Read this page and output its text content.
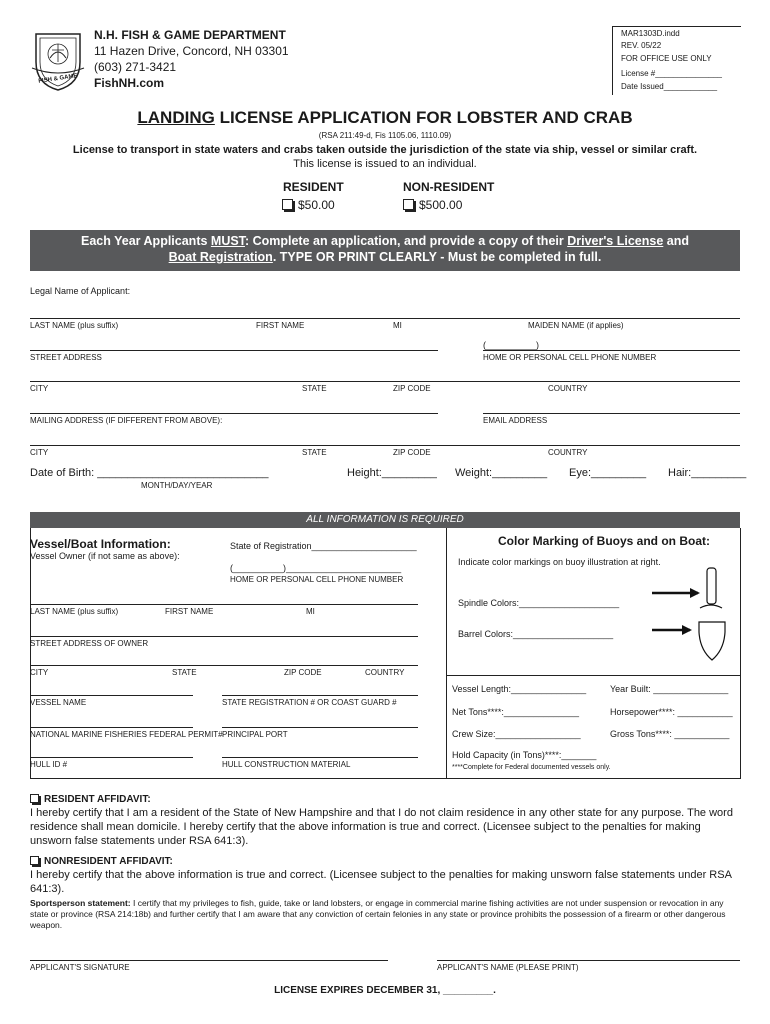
FISH & GAME
N.H. FISH & GAME DEPARTMENT
11 Hazen Drive, Concord, NH 03301
(603) 271-3421
FishNH.com
MAR1303D.indd
REV. 05/22
FOR OFFICE USE ONLY
License #_______________
Date Issued____________
LANDING LICENSE APPLICATION FOR LOBSTER AND CRAB
(RSA 211:49-d, Fis 1105.06, 1110.09)
License to transport in state waters and crabs taken outside the jurisdiction of the state via ship, vessel or similar craft.
This license is issued to an individual.
RESIDENT
$50.00
NON-RESIDENT
$500.00
Each Year Applicants MUST: Complete an application, and provide a copy of their Driver's License and
Boat Registration. TYPE OR PRINT CLEARLY - Must be completed in full.
Legal Name of Applicant:
LAST NAME (plus suffix)	FIRST NAME	MI	MAIDEN NAME (if applies)
(__________)
STREET ADDRESS	HOME OR PERSONAL CELL PHONE NUMBER
CITY	STATE	ZIP CODE	COUNTRY
MAILING ADDRESS (IF DIFFERENT FROM ABOVE):	EMAIL ADDRESS
CITY	STATE	ZIP CODE	COUNTRY
Date of Birth: ____________________________
MONTH/DAY/YEAR
Height:_________ Weight:_________ Eye:_________ Hair:_________
ALL INFORMATION IS REQUIRED
Vessel/Boat Information:
Vessel Owner (if not same as above):
State of Registration_____________________
(__________)_______________________
HOME OR PERSONAL CELL PHONE NUMBER
LAST NAME (plus suffix)	FIRST NAME	MI
STREET ADDRESS OF OWNER
CITY	STATE	ZIP CODE	COUNTRY
VESSEL NAME	STATE REGISTRATION # OR COAST GUARD #
NATIONAL MARINE FISHERIES FEDERAL PERMIT# PRINCIPAL PORT
HULL ID #	HULL CONSTRUCTION MATERIAL
Color Marking of Buoys and on Boat:
Indicate color markings on buoy illustration at right.
Spindle Colors:____________________
Barrel Colors:____________________
Vessel Length:_______________	Year Built: _______________
Net Tons****:_______________	Horsepower****: ___________
Crew Size:_________________	Gross Tons****: ___________
Hold Capacity (in Tons)****:_______
****Complete for Federal documented vessels only.
RESIDENT AFFIDAVIT:
I hereby certify that I am a resident of the State of New Hampshire and that I do not claim residence in any other state for any purpose. The word residence shall mean domicile. I hereby certify that the above information is true and correct. (Licensee subject to the penalties for making unsworn false statements under RSA 641:3).
NONRESIDENT AFFIDAVIT:
I hereby certify that the above information is true and correct. (Licensee subject to the penalties for making unsworn false statements under RSA 641:3).
Sportsperson statement: I certify that my privileges to fish, guide, take or land lobsters, or engage in commercial marine fishing activities are not under suspension or revocation in any state or province (RSA 214:18b) and further certify that I am aware that any conviction of certain felonies in any state or province prohibits the possession of a firearm or other dangerous weapon.
APPLICANT'S SIGNATURE	APPLICANT'S NAME (PLEASE PRINT)
LICENSE EXPIRES DECEMBER 31, _________.
